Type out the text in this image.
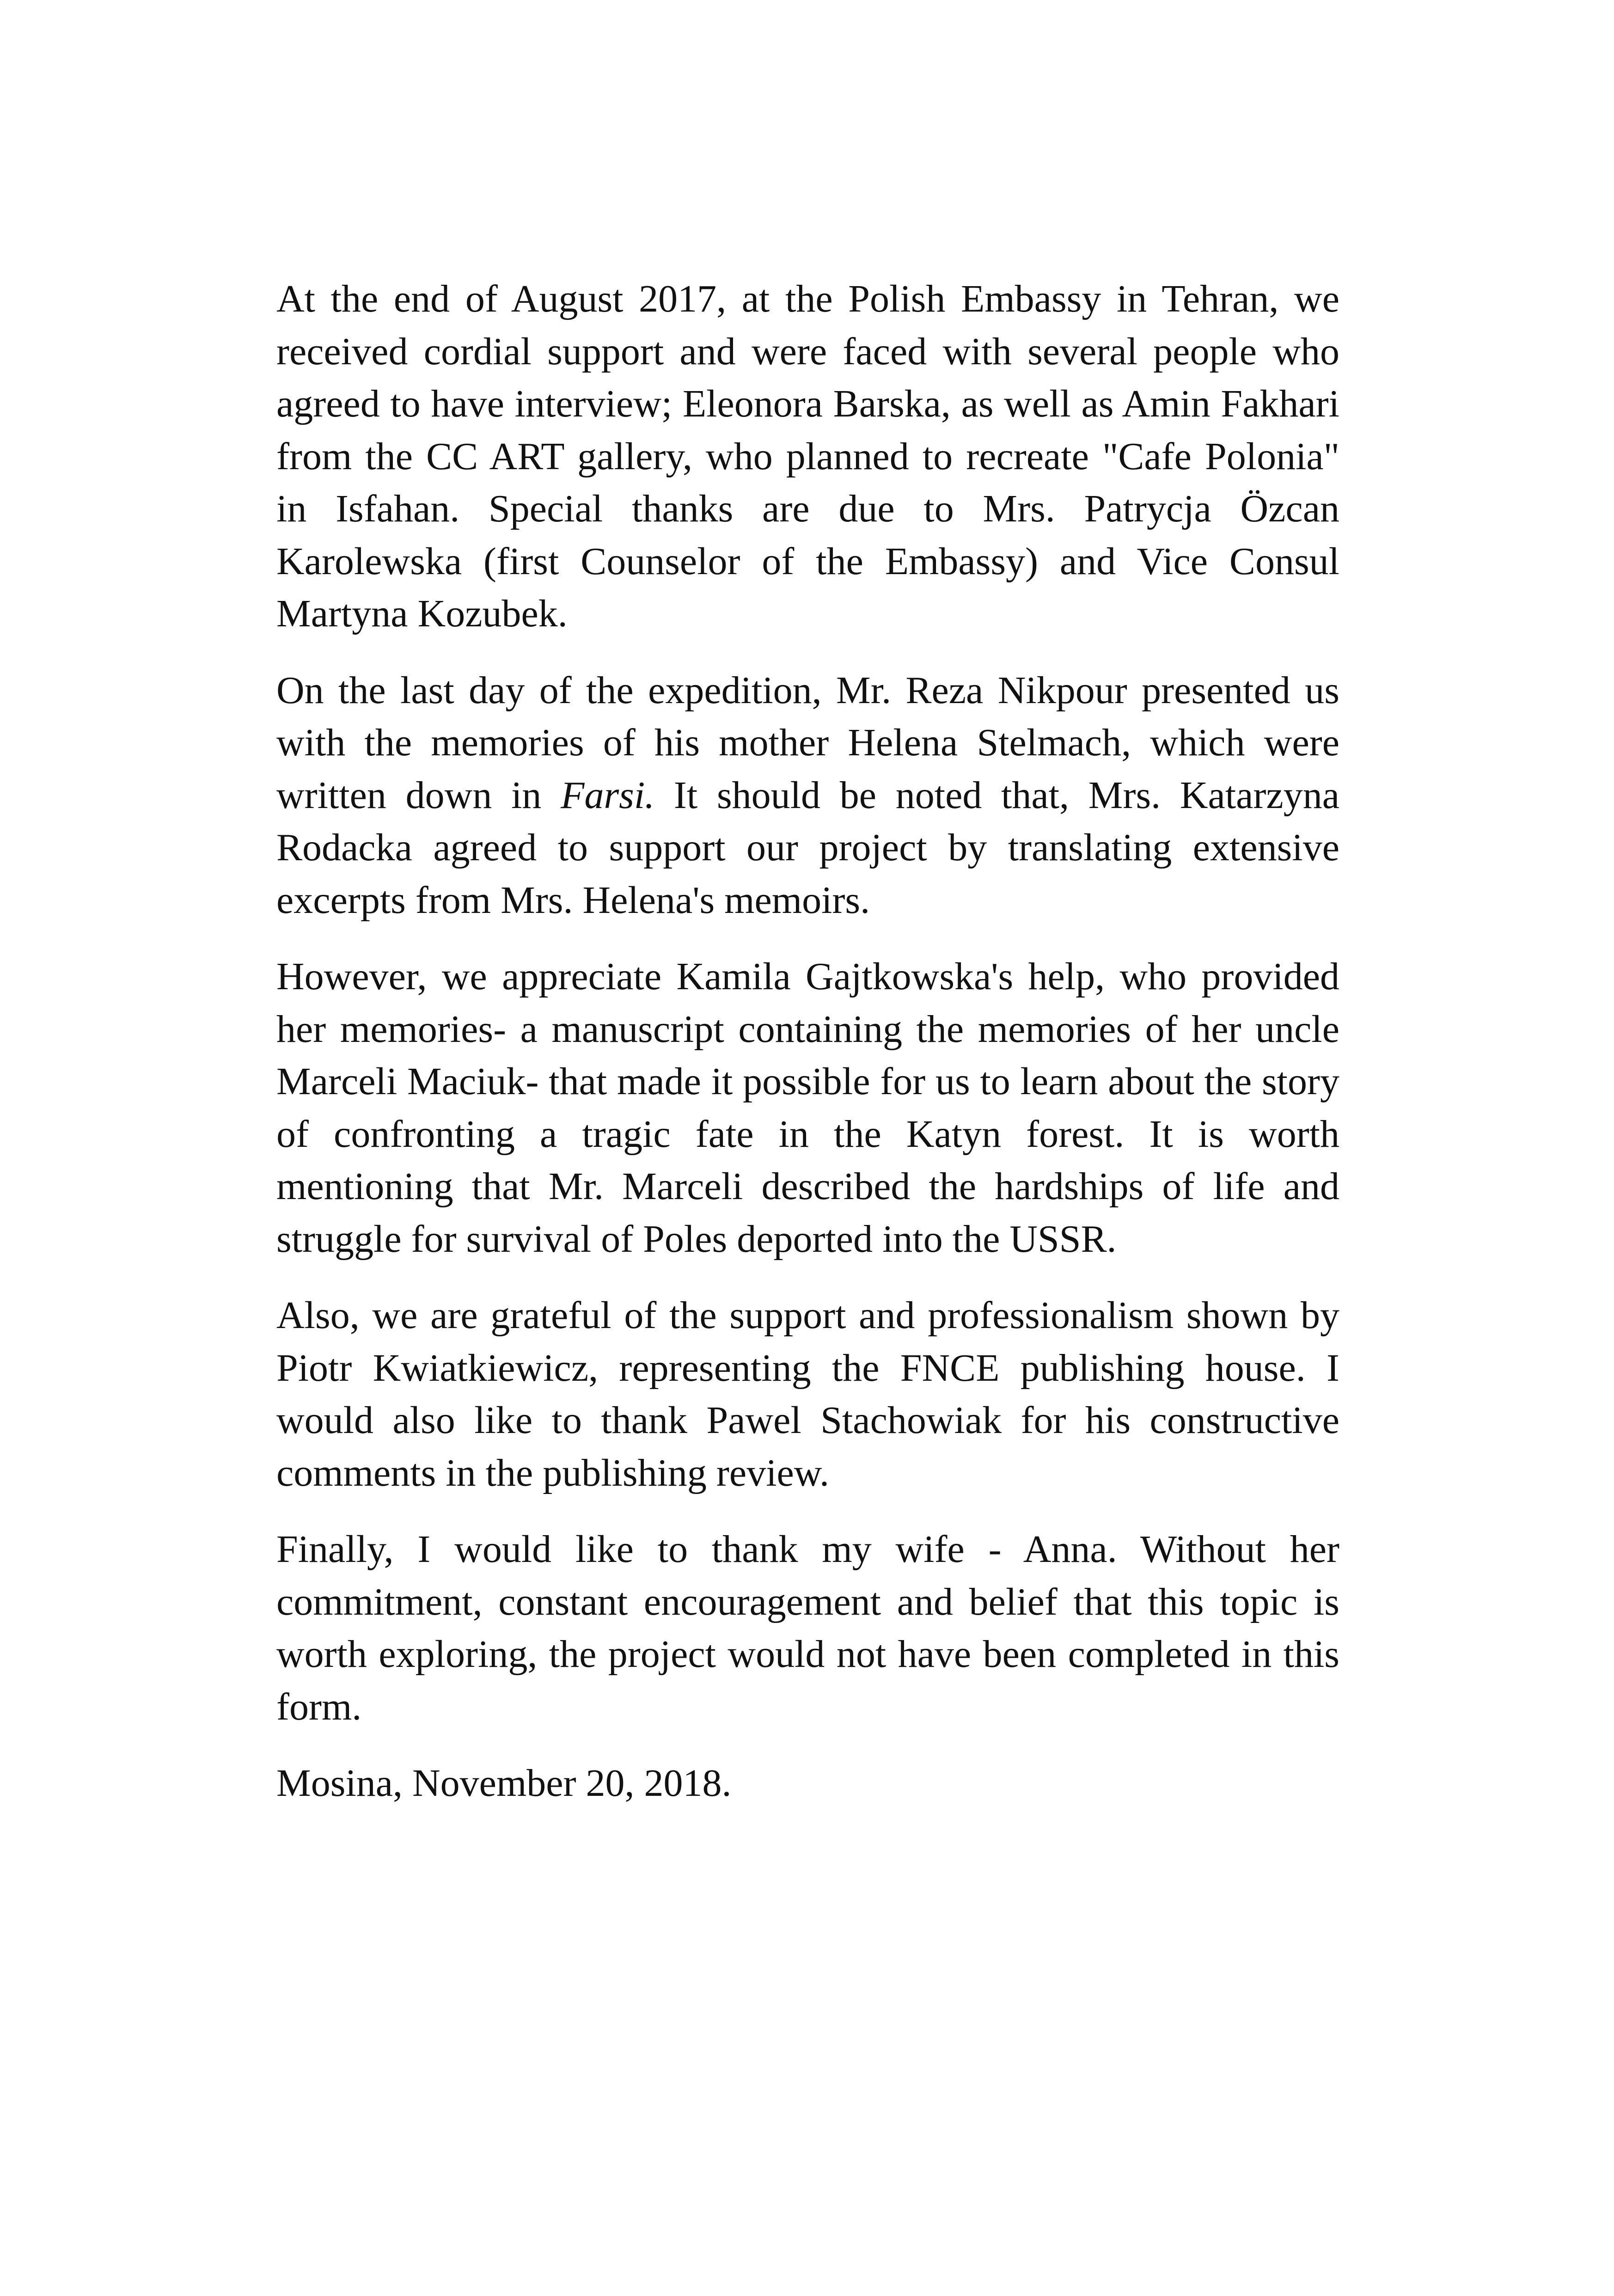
At the end of August 2017, at the Polish Embassy in Tehran, we received cordial support and were faced with several people who agreed to have interview; Eleonora Barska, as well as Amin Fakhari from the CC ART gallery, who planned to recreate "Cafe Polonia" in Isfahan. Special thanks are due to Mrs. Patrycja Özcan Karolewska (first Counselor of the Embassy) and Vice Consul Martyna Kozubek.

On the last day of the expedition, Mr. Reza Nikpour presented us with the memories of his mother Helena Stelmach, which were written down in Farsi. It should be noted that, Mrs. Katarzyna Rodacka agreed to support our project by translating extensive excerpts from Mrs. Helena's memoirs.

However, we appreciate Kamila Gajtkowska's help, who provided her memories- a manuscript containing the memories of her uncle Marceli Maciuk- that made it possible for us to learn about the story of confronting a tragic fate in the Katyn forest. It is worth mentioning that Mr. Marceli described the hardships of life and struggle for survival of Poles deported into the USSR.

Also, we are grateful of the support and professionalism shown by Piotr Kwiatkiewicz, representing the FNCE publishing house. I would also like to thank Pawel Stachowiak for his constructive comments in the publishing review.

Finally, I would like to thank my wife - Anna. Without her commitment, constant encouragement and belief that this topic is worth exploring, the project would not have been completed in this form.

Mosina, November 20, 2018.
